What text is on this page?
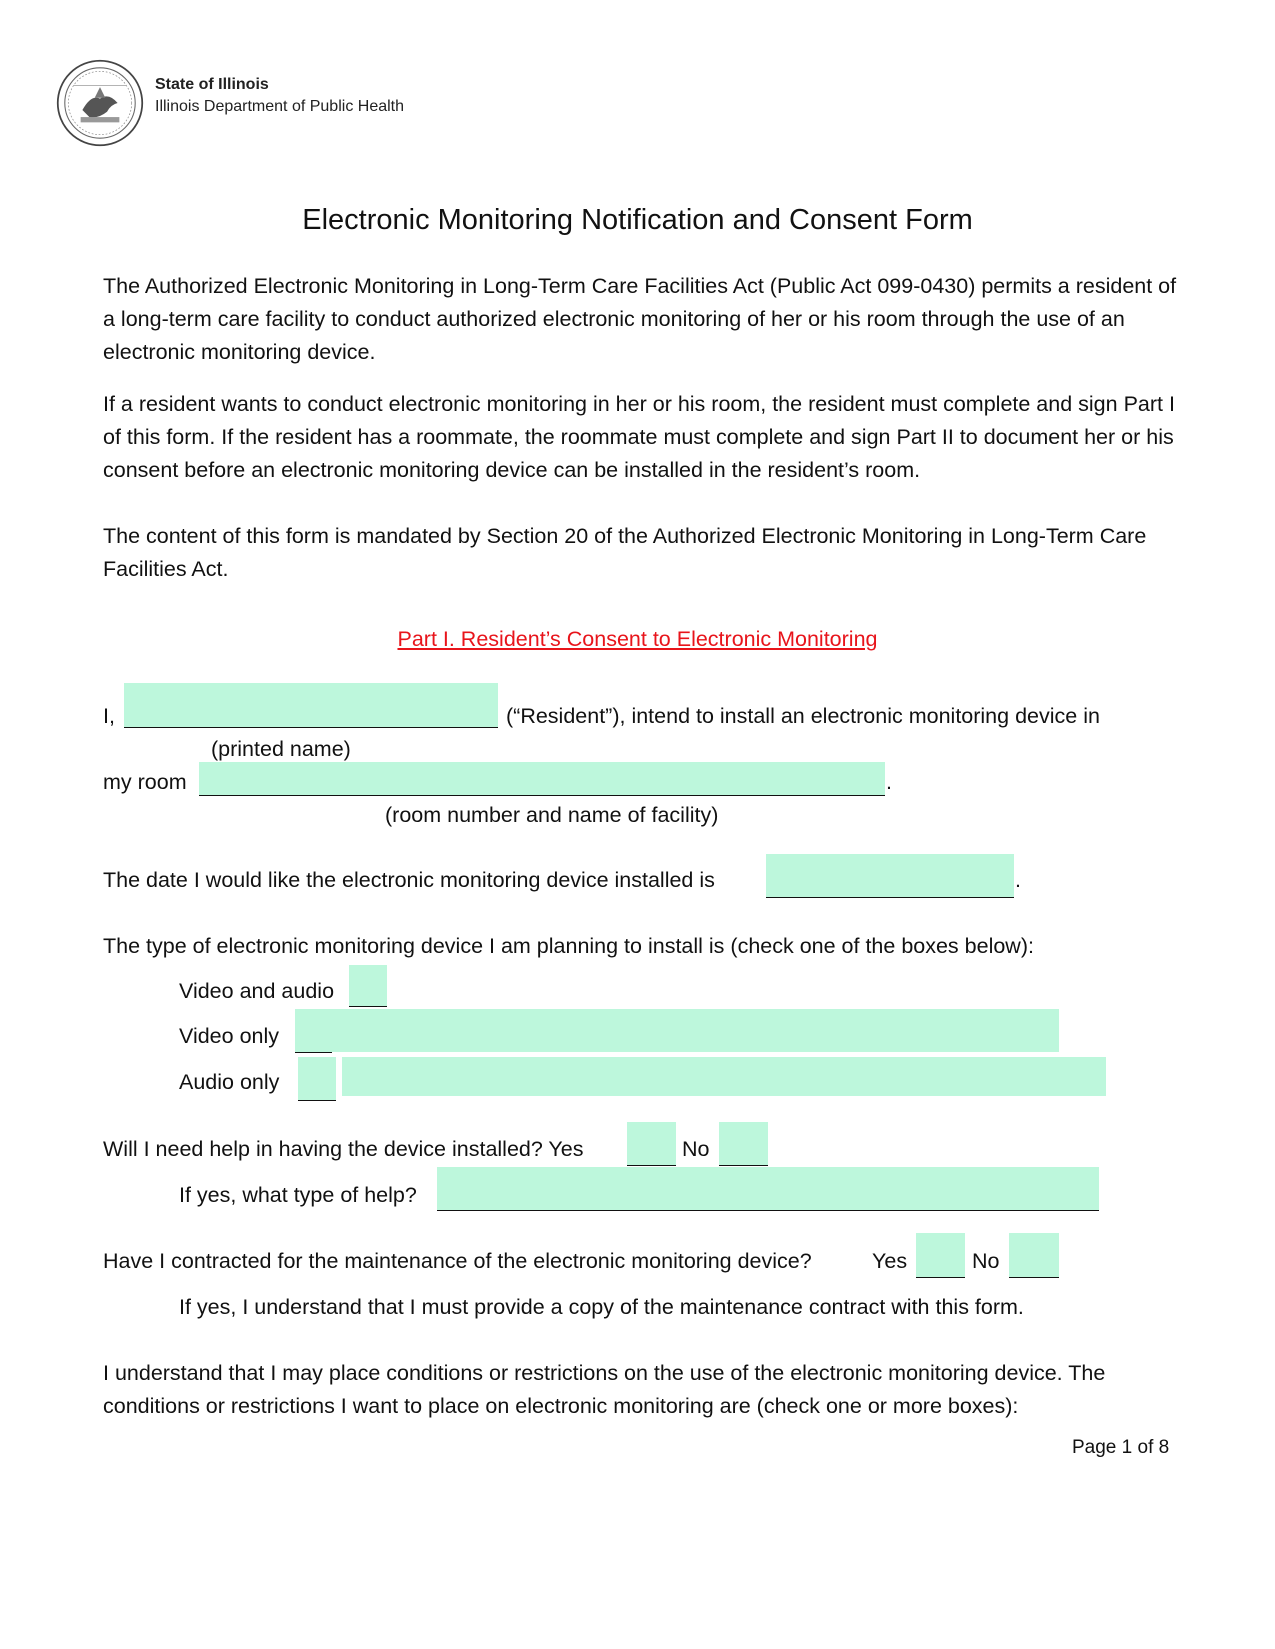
State of Illinois
Illinois Department of Public Health
Electronic Monitoring Notification and Consent Form
The Authorized Electronic Monitoring in Long-Term Care Facilities Act (Public Act 099-0430) permits a resident of a long-term care facility to conduct authorized electronic monitoring of her or his room through the use of an electronic monitoring device.
If a resident wants to conduct electronic monitoring in her or his room, the resident must complete and sign Part I of this form. If the resident has a roommate, the roommate must complete and sign Part II to document her or his consent before an electronic monitoring device can be installed in the resident’s room.
The content of this form is mandated by Section 20 of the Authorized Electronic Monitoring in Long-Term Care Facilities Act.
Part I. Resident’s Consent to Electronic Monitoring
I,	(“Resident”), intend to install an electronic monitoring device in
(printed name)
my room	.
(room number and name of facility)
The date I would like the electronic monitoring device installed is	.
The type of electronic monitoring device I am planning to install is (check one of the boxes below):
Video and audio
Video only
Audio only
Will I need help in having the device installed? Yes	No
If yes, what type of help?
Have I contracted for the maintenance of the electronic monitoring device?	Yes	No
If yes, I understand that I must provide a copy of the maintenance contract with this form.
I understand that I may place conditions or restrictions on the use of the electronic monitoring device. The conditions or restrictions I want to place on electronic monitoring are (check one or more boxes):
Page 1 of 8
